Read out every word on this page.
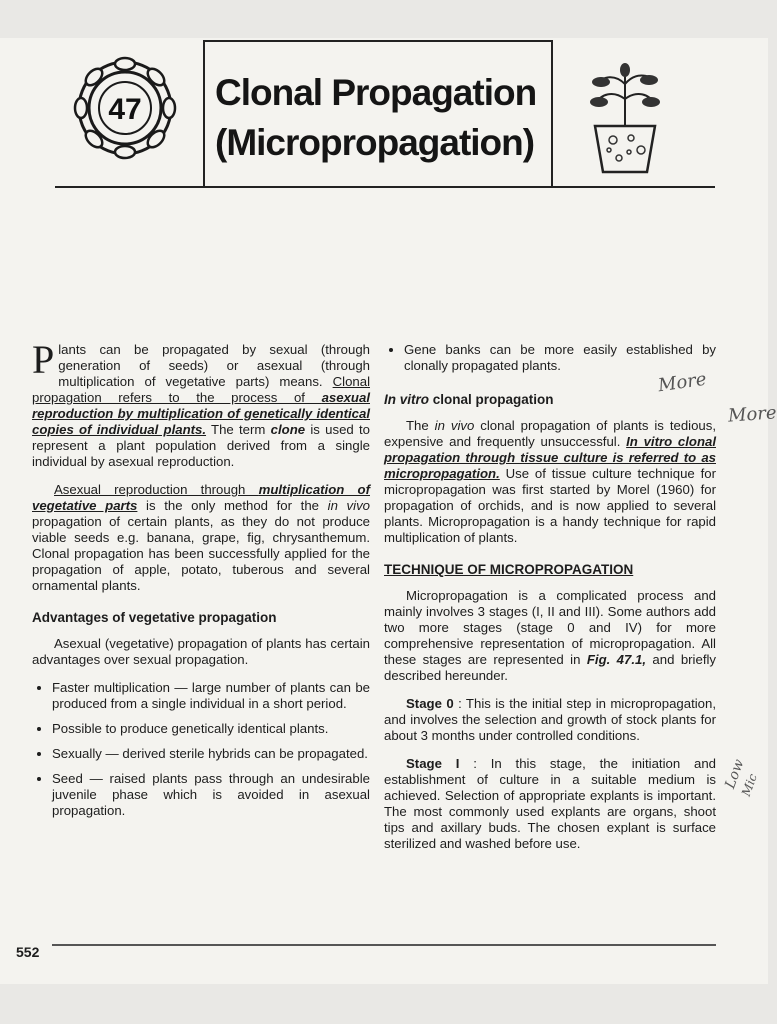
47 Clonal Propagation
(Micropropagation)

Plants can be propagated by sexual (through generation of seeds) or asexual (through multiplication of vegetative parts) means. Clonal propagation refers to the process of asexual reproduction by multiplication of genetically identical copies of individual plants. The term clone is used to represent a plant population derived from a single individual by asexual reproduction.

Asexual reproduction through multiplication of vegetative parts is the only method for the in vivo propagation of certain plants, as they do not produce viable seeds e.g. banana, grape, fig, chrysanthemum. Clonal propagation has been successfully applied for the propagation of apple, potato, tuberous and several ornamental plants.

Advantages of vegetative propagation

Asexual (vegetative) propagation of plants has certain advantages over sexual propagation.

• Faster multiplication — large number of plants can be produced from a single individual in a short period.
• Possible to produce genetically identical plants.
• Sexually — derived sterile hybrids can be propagated.
• Seed — raised plants pass through an undesirable juvenile phase which is avoided in asexual propagation.
• Gene banks can be more easily established by clonally propagated plants.
In vitro clonal propagation

The in vivo clonal propagation of plants is tedious, expensive and frequently unsuccessful. In vitro clonal propagation through tissue culture is referred to as micropropagation. Use of tissue culture technique for micropropagation was first started by Morel (1960) for propagation of orchids, and is now applied to several plants. Micropropagation is a handy technique for rapid multiplication of plants.

TECHNIQUE OF MICROPROPAGATION

Micropropagation is a complicated process and mainly involves 3 stages (I, II and III). Some authors add two more stages (stage 0 and IV) for more comprehensive representation of micropropagation. All these stages are represented in Fig. 47.1, and briefly described hereunder.

Stage 0 : This is the initial step in micropropagation, and involves the selection and growth of stock plants for about 3 months under controlled conditions.

Stage I : In this stage, the initiation and establishment of culture in a suitable medium is achieved. Selection of appropriate explants is important. The most commonly used explants are organs, shoot tips and axillary buds. The chosen explant is surface sterilized and washed before use.

More
More
Low
Mic
552
